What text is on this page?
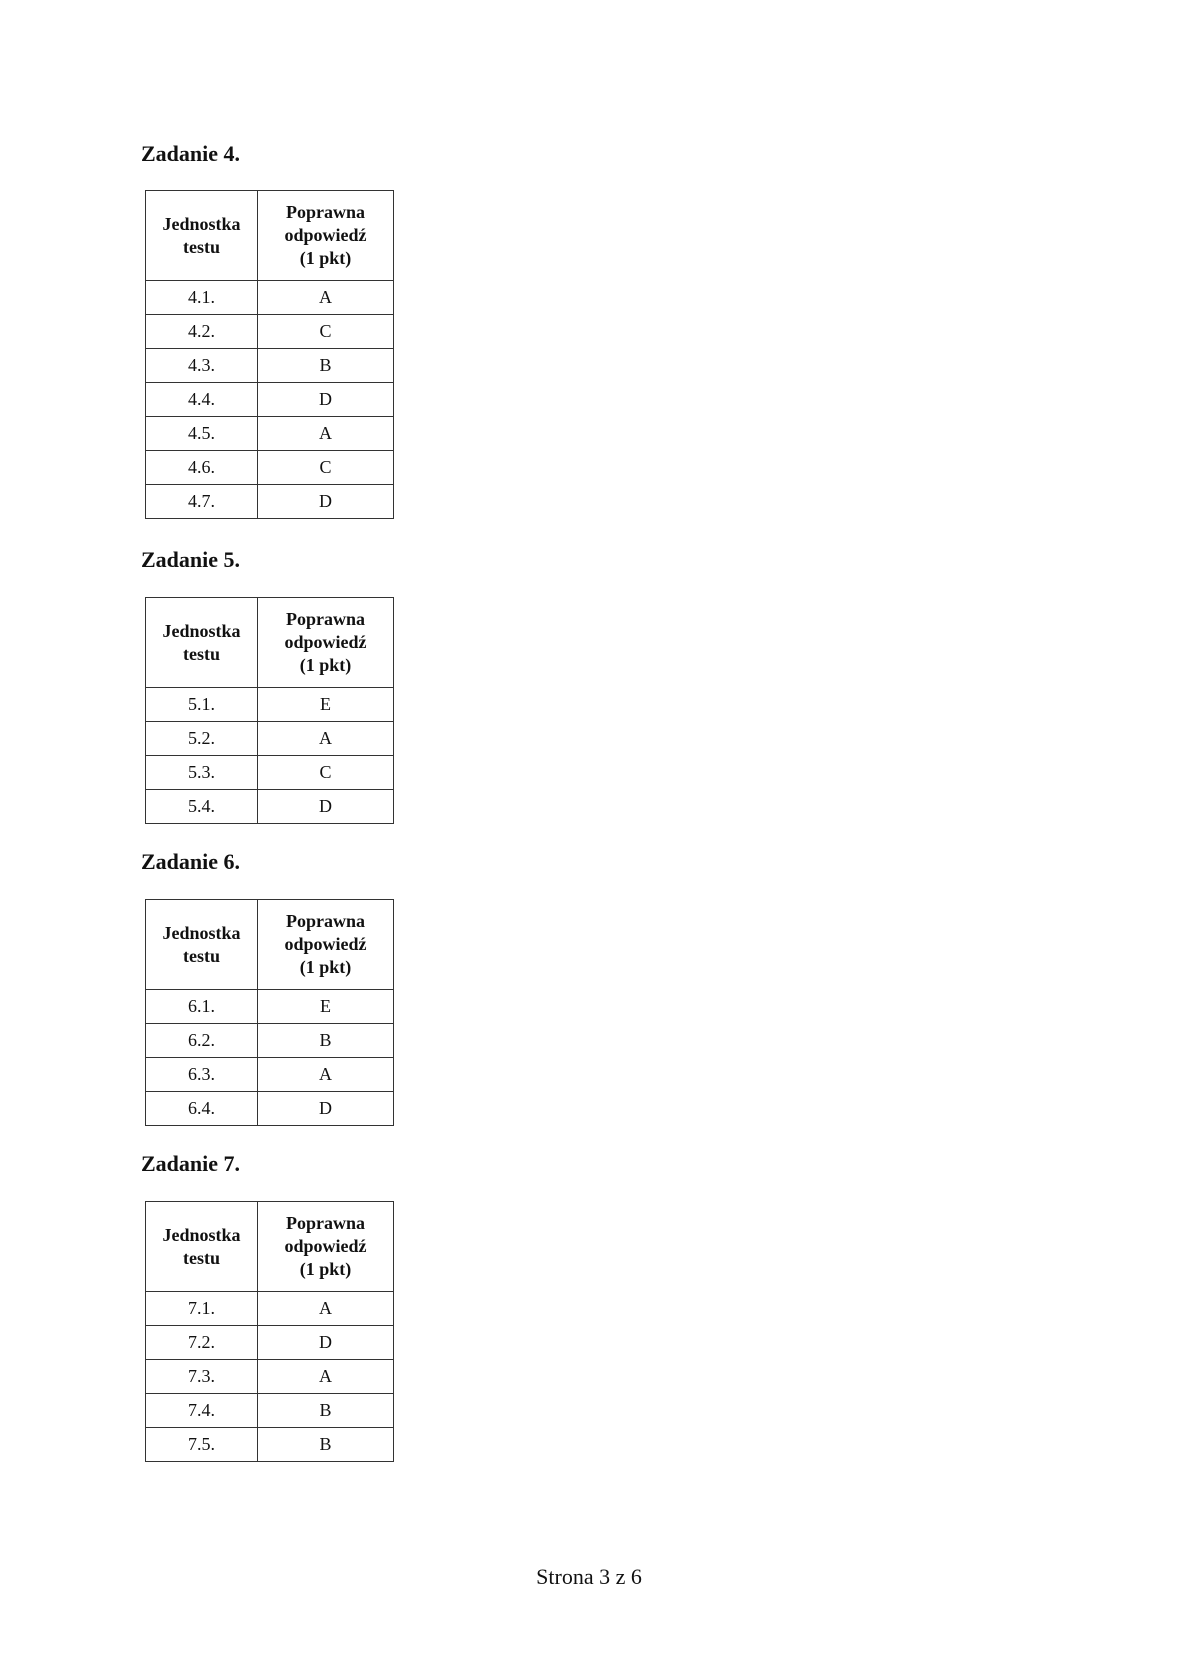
Zadanie 4.
Jednostka
testu	Poprawna
odpowiedź
(1 pkt)

4.1.	A
4.2.	C
4.3.	B
4.4.	D
4.5.	A
4.6.	C
4.7.	D
Zadanie 5.
Jednostka
testu	Poprawna
odpowiedź
(1 pkt)

5.1.	E
5.2.	A
5.3.	C
5.4.	D
Zadanie 6.
Jednostka
testu	Poprawna
odpowiedź
(1 pkt)

6.1.	E
6.2.	B
6.3.	A
6.4.	D
Zadanie 7.
Jednostka
testu	Poprawna
odpowiedź
(1 pkt)

7.1.	A
7.2.	D
7.3.	A
7.4.	B
7.5.	B
Strona 3 z 6
